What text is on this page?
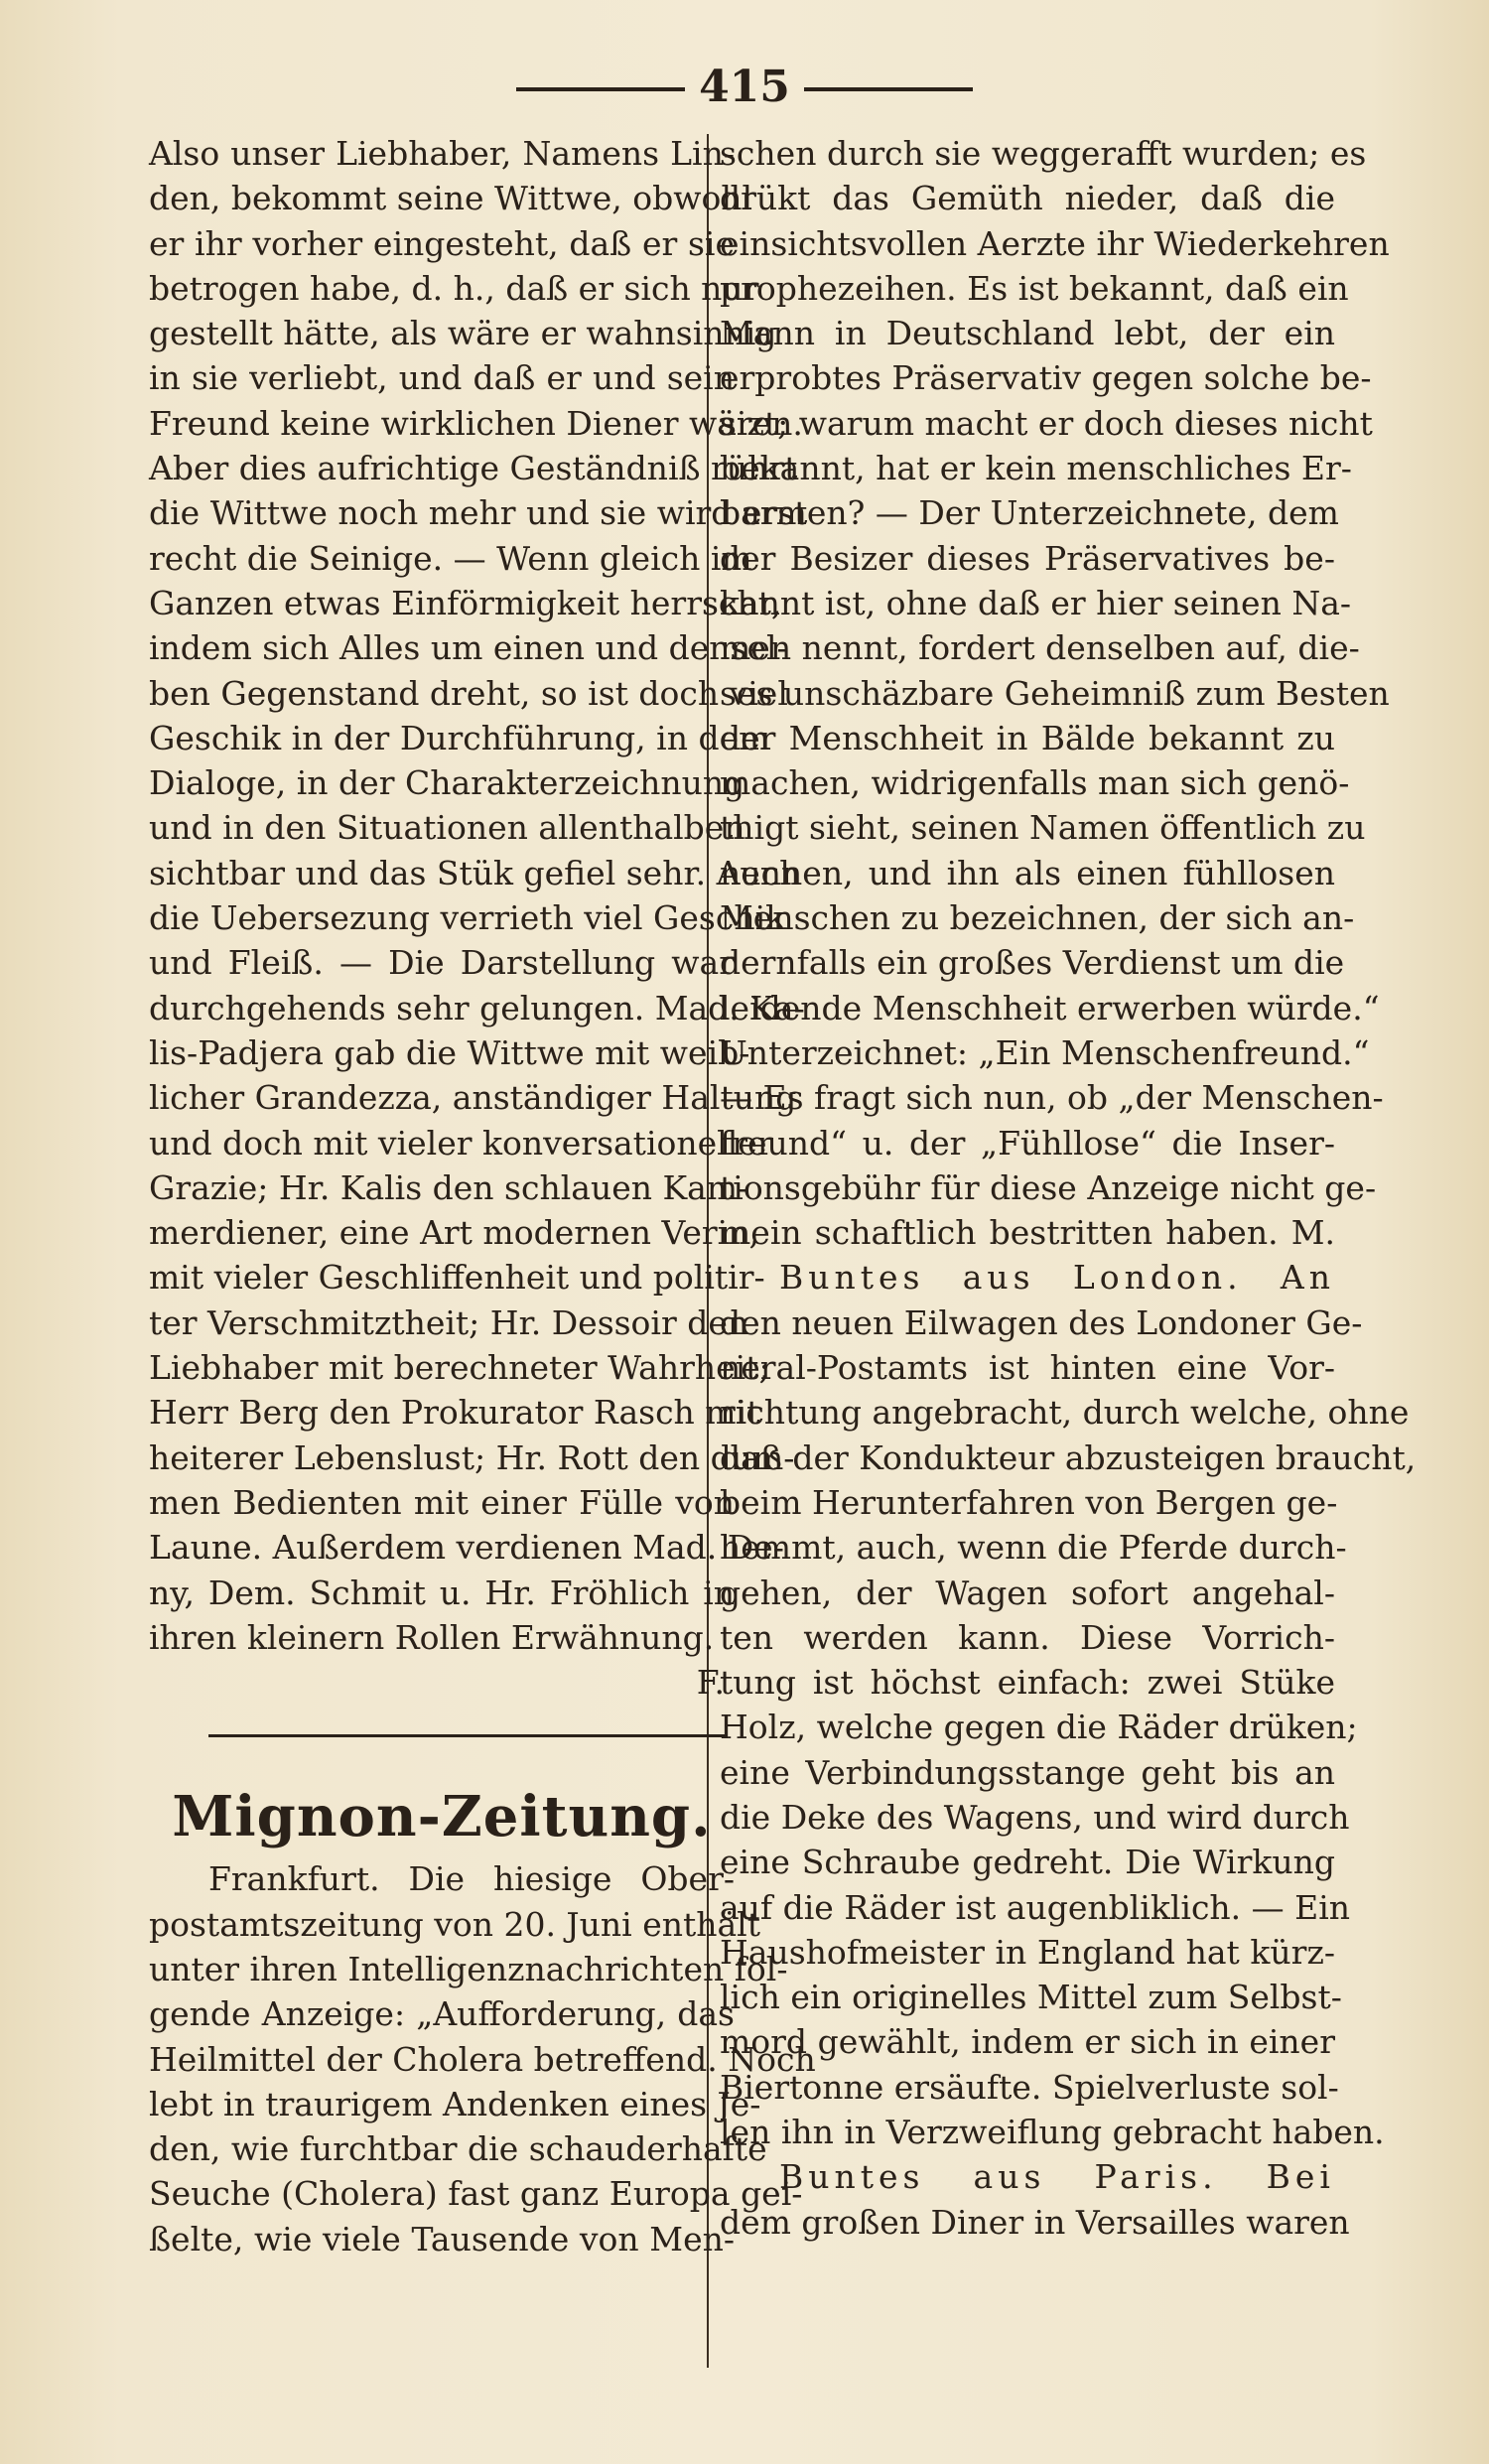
415
Also unser Liebhaber, Namens Lin-
den, bekommt seine Wittwe, obwohl
er ihr vorher eingesteht, daß er sie
betrogen habe, d. h., daß er sich nur
gestellt hätte, als wäre er wahnsinnig
in sie verliebt, und daß er und sein
Freund keine wirklichen Diener wären.
Aber dies aufrichtige Geständniß rührt
die Wittwe noch mehr und sie wird erst
recht die Seinige. — Wenn gleich im
Ganzen etwas Einförmigkeit herrscht,
indem sich Alles um einen und densel-
ben Gegenstand dreht, so ist doch viel
Geschik in der Durchführung, in dem
Dialoge, in der Charakterzeichnung
und in den Situationen allenthalben
sichtbar und das Stük gefiel sehr. Auch
die Uebersezung verrieth viel Geschik
und Fleiß. — Die Darstellung war
durchgehends sehr gelungen. Mad. Ka-
lis-Padjera gab die Wittwe mit weib-
licher Grandezza, anständiger Haltung
und doch mit vieler konversationeller
Grazie; Hr. Kalis den schlauen Kam-
merdiener, eine Art modernen Verin,
mit vieler Geschliffenheit und politir-
ter Verschmitztheit; Hr. Dessoir den
Liebhaber mit berechneter Wahrheit;
Herr Berg den Prokurator Rasch mit
heiterer Lebenslust; Hr. Rott den dum-
men Bedienten mit einer Fülle von
Laune. Außerdem verdienen Mad. De-
ny, Dem. Schmit u. Hr. Fröhlich in
ihren kleinern Rollen Erwähnung.
F.
Mignon-Zeitung.
Frankfurt. Die hiesige Ober-
postamtszeitung von 20. Juni enthält
unter ihren Intelligenznachrichten fol-
gende Anzeige: „Aufforderung, das
Heilmittel der Cholera betreffend. Noch
lebt in traurigem Andenken eines Je-
den, wie furchtbar die schauderhafte
Seuche (Cholera) fast ganz Europa gei-
ßelte, wie viele Tausende von Men-
schen durch sie weggerafft wurden; es
drükt das Gemüth nieder, daß die
einsichtsvollen Aerzte ihr Wiederkehren
prophezeihen. Es ist bekannt, daß ein
Mann in Deutschland lebt, der ein
erprobtes Präservativ gegen solche be-
sizt; warum macht er doch dieses nicht
bekannt, hat er kein menschliches Er-
barmen? — Der Unterzeichnete, dem
der Besizer dieses Präservatives be-
kannt ist, ohne daß er hier seinen Na-
men nennt, fordert denselben auf, die-
ses unschäzbare Geheimniß zum Besten
der Menschheit in Bälde bekannt zu
machen, widrigenfalls man sich genö-
thigt sieht, seinen Namen öffentlich zu
nennen, und ihn als einen fühllosen
Menschen zu bezeichnen, der sich an-
dernfalls ein großes Verdienst um die
leidende Menschheit erwerben würde.“
Unterzeichnet: „Ein Menschenfreund.“
— Es fragt sich nun, ob „der Menschen-
freund“ u. der „Fühllose“ die Inser-
tionsgebühr für diese Anzeige nicht ge-
mein schaftlich bestritten haben. M.
Buntes aus London. An
den neuen Eilwagen des Londoner Ge-
neral-Postamts ist hinten eine Vor-
richtung angebracht, durch welche, ohne
daß der Kondukteur abzusteigen braucht,
beim Herunterfahren von Bergen ge-
hemmt, auch, wenn die Pferde durch-
gehen, der Wagen sofort angehal-
ten werden kann. Diese Vorrich-
tung ist höchst einfach: zwei Stüke
Holz, welche gegen die Räder drüken;
eine Verbindungsstange geht bis an
die Deke des Wagens, und wird durch
eine Schraube gedreht. Die Wirkung
auf die Räder ist augenbliklich. — Ein
Haushofmeister in England hat kürz-
lich ein originelles Mittel zum Selbst-
mord gewählt, indem er sich in einer
Biertonne ersäufte. Spielverluste sol-
len ihn in Verzweiflung gebracht haben.
Buntes aus Paris. Bei
dem großen Diner in Versailles waren
